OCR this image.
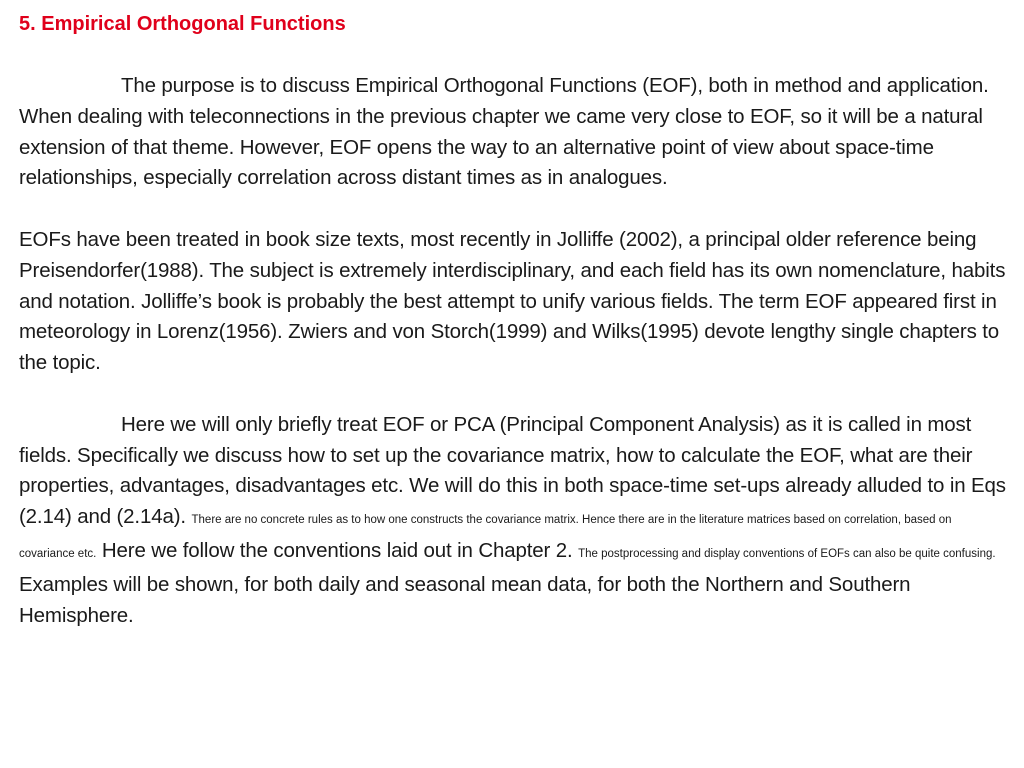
5. Empirical Orthogonal Functions

The purpose is to discuss Empirical Orthogonal Functions (EOF), both in method and application. When dealing with teleconnections in the previous chapter we came very close to EOF, so it will be a natural extension of that theme. However, EOF opens the way to an alternative point of view about space-time relationships, especially correlation across distant times as in analogues.

EOFs have been treated in book size texts, most recently in Jolliffe (2002), a principal older reference being Preisendorfer(1988). The subject is extremely interdisciplinary, and each field has its own nomenclature, habits and notation. Jolliffe’s book is probably the best attempt to unify various fields. The term EOF appeared first in meteorology in Lorenz(1956). Zwiers and von Storch(1999) and Wilks(1995) devote lengthy single chapters to the topic.

Here we will only briefly treat EOF or PCA (Principal Component Analysis) as it is called in most fields. Specifically we discuss how to set up the covariance matrix, how to calculate the EOF, what are their properties, advantages, disadvantages etc. We will do this in both space-time set-ups already alluded to in Eqs (2.14) and (2.14a). There are no concrete rules as to how one constructs the covariance matrix. Hence there are in the literature matrices based on correlation, based on covariance etc. Here we follow the conventions laid out in Chapter 2. The postprocessing and display conventions of EOFs can also be quite confusing. Examples will be shown, for both daily and seasonal mean data, for both the Northern and Southern Hemisphere.
